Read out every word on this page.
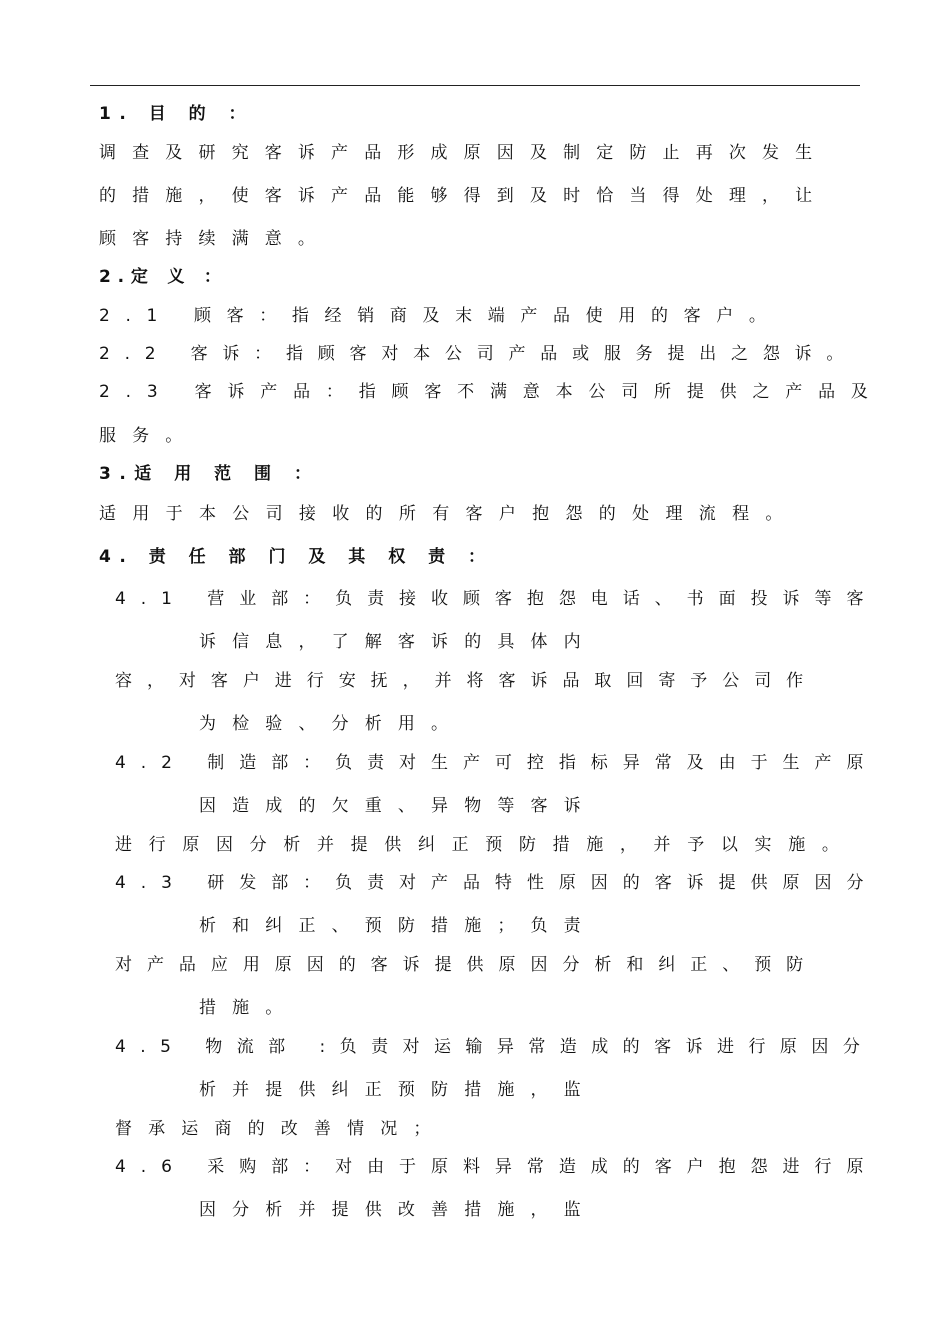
1. 目 的 ：
调查及研究客诉产品形成原因及制定防止再次发生
的措施，使客诉产品能够得到及时恰当得处理，让
顾客持续满意。
2.定 义 ：
2.1 顾客：指经销商及末端产品使用的客户。
2.2 客诉：指顾客对本公司产品或服务提出之怨诉。
2.3 客诉产品：指顾客不满意本公司所提供之产品及
服务。
3.适 用 范 围 ：
适用于本公司接收的所有客户抱怨的处理流程。
4. 责 任 部 门 及 其 权 责 ：
4.1 营业部：负责接收顾客抱怨电话、书面投诉等客
诉信息，了解客诉的具体内
容，对客户进行安抚，并将客诉品取回寄予公司作
为检验、分析用。
4.2 制造部：负责对生产可控指标异常及由于生产原
因造成的欠重、异物等客诉
进行原因分析并提供纠正预防措施，并予以实施。
4.3 研发部：负责对产品特性原因的客诉提供原因分
析和纠正、预防措施；负责
对产品应用原因的客诉提供原因分析和纠正、预防
措施。
4.5 物流部 :负责对运输异常造成的客诉进行原因分
析并提供纠正预防措施，监
督承运商的改善情况；
4.6 采购部：对由于原料异常造成的客户抱怨进行原
因分析并提供改善措施，监
